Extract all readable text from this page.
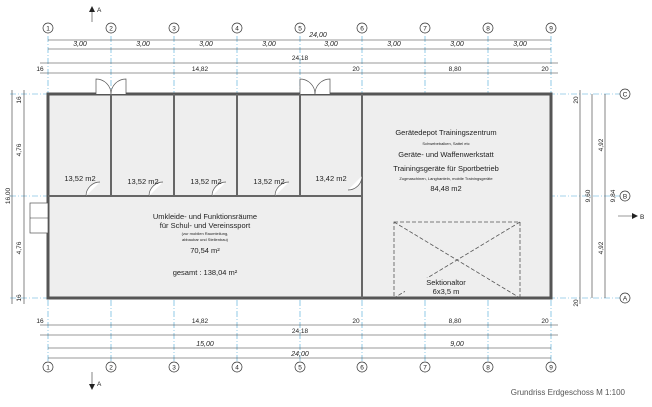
1	2	3	4	5	6	7	8	9
1	2	3	4	5	6	7	8	9
C
B
A
A
A
B
24,00
3,00	3,00	3,00	3,00	3,00	3,00	3,00	3,00
24,18
16	14,82	20	8,80	20
16	14,82	20	8,80	20
24,18
15,00	9,00
24,00
16
4,76
16,00
4,76
16
20
4,92
9,84
9,60
4,92
20
13,52 m2	13,52 m2	13,52 m2	13,52 m2	13,42 m2
Umkleide- und Funktionsräume
für Schul- und Vereinssport
(zur mobilen Raumteilung,
abbaubar und Stellenbau)
70,54 m²
gesamt : 138,04 m²
Gerätedepot Trainingszentrum
Schwebebalken, Sattel etc
Geräte- und Waffenwerkstatt
Trainingsgeräte für Sportbetrieb
Zugmaschinen, Langhanteln, mobile Trainingsgeräte
84,48 m2
Sektionaltor
6x3,5 m
Grundriss Erdgeschoss M 1:100
